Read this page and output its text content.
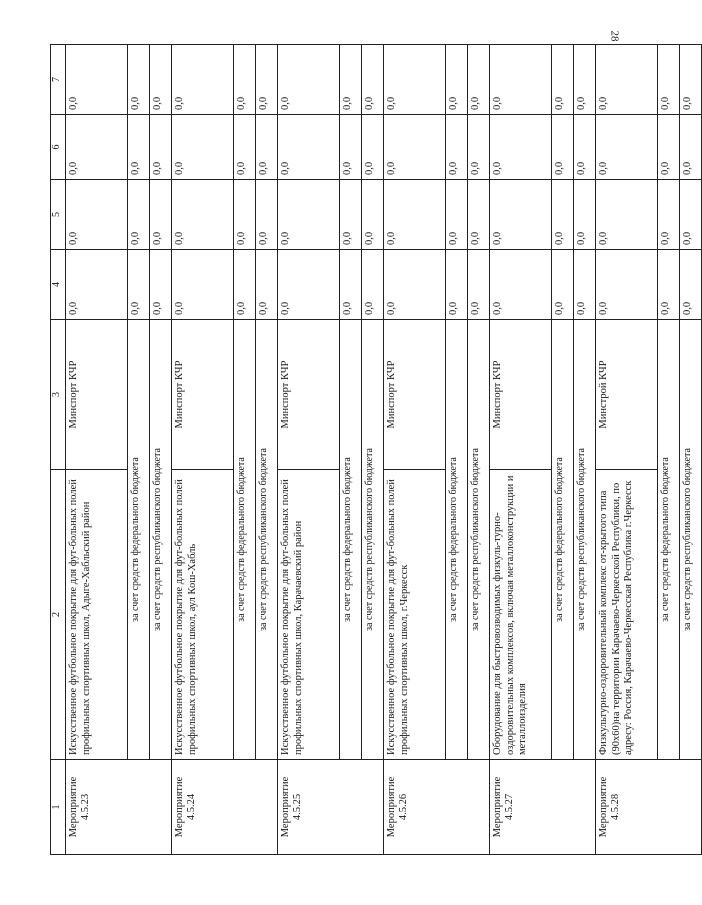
28
1	2	3	4	5	6	7
Мероприятие 4.5.23	Искусственное футбольное покрытие для фут-больных полей профильных спортивных школ, Адыге-Хабльский район	Минспорт КЧР	0,0	0,0	0,0	0,0
	за счет средств федерального бюджета		0,0	0,0	0,0	0,0
	за счет средств республиканского бюджета		0,0	0,0	0,0	0,0
Мероприятие 4.5.24	Искусственное футбольное покрытие для фут-больных полей профильных спортивных школ, аул Кош-Хабль	Минспорт КЧР	0,0	0,0	0,0	0,0
	за счет средств федерального бюджета		0,0	0,0	0,0	0,0
	за счет средств республиканского бюджета		0,0	0,0	0,0	0,0
Мероприятие 4.5.25	Искусственное футбольное покрытие для фут-больных полей профильных спортивных школ, Карачаевский район	Минспорт КЧР	0,0	0,0	0,0	0,0
	за счет средств федерального бюджета		0,0	0,0	0,0	0,0
	за счет средств республиканского бюджета		0,0	0,0	0,0	0,0
Мероприятие 4.5.26	Искусственное футбольное покрытие для фут-больных полей профильных спортивных школ, г.Черкесск	Минспорт КЧР	0,0	0,0	0,0	0,0
	за счет средств федерального бюджета		0,0	0,0	0,0	0,0
	за счет средств республиканского бюджета		0,0	0,0	0,0	0,0
Мероприятие 4.5.27	Оборудование для быстровозводимых физкуль-турно-оздоровительных комплексов, включая металлоконструкции и металлоизделия	Минспорт КЧР	0,0	0,0	0,0	0,0
	за счет средств федерального бюджета		0,0	0,0	0,0	0,0
	за счет средств республиканского бюджета		0,0	0,0	0,0	0,0
Мероприятие 4.5.28	Физкультурно-оздоровительный комплекс от-крытого типа (90х60)на территории Карачаево-Черкесской Республики, по адресу: Россия, Карачаево-Черкесская Республика г.Черкесск	Минстрой КЧР	0,0	0,0	0,0	0,0
	за счет средств федерального бюджета		0,0	0,0	0,0	0,0
	за счет средств республиканского бюджета		0,0	0,0	0,0	0,0
